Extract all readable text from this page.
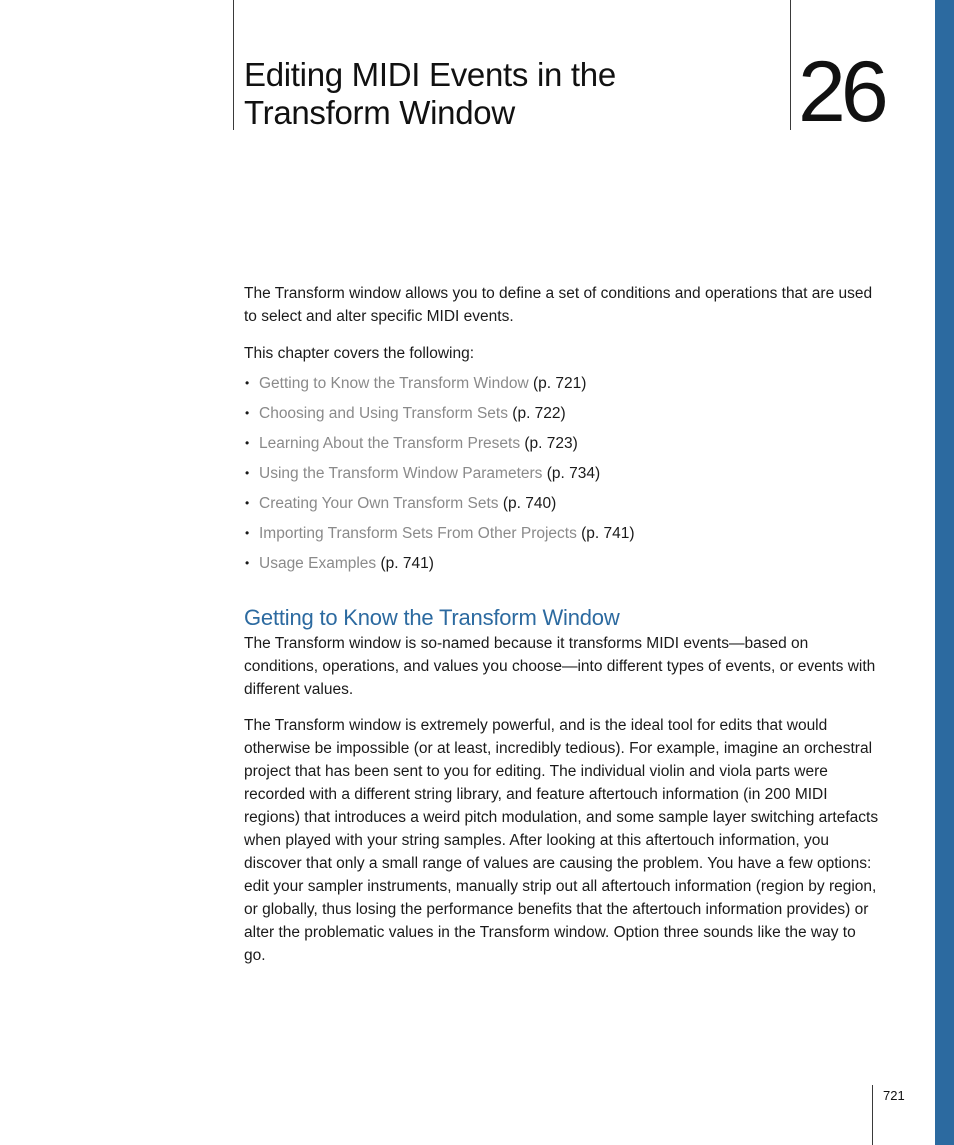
Editing MIDI Events in the
Transform Window	26

The Transform window allows you to define a set of conditions and operations that are used to select and alter specific MIDI events.

This chapter covers the following:

• Getting to Know the Transform Window (p. 721)
• Choosing and Using Transform Sets (p. 722)
• Learning About the Transform Presets (p. 723)
• Using the Transform Window Parameters (p. 734)
• Creating Your Own Transform Sets (p. 740)
• Importing Transform Sets From Other Projects (p. 741)
• Usage Examples (p. 741)
Getting to Know the Transform Window

The Transform window is so-named because it transforms MIDI events—based on conditions, operations, and values you choose—into different types of events, or events with different values.

The Transform window is extremely powerful, and is the ideal tool for edits that would otherwise be impossible (or at least, incredibly tedious). For example, imagine an orchestral project that has been sent to you for editing. The individual violin and viola parts were recorded with a different string library, and feature aftertouch information (in 200 MIDI regions) that introduces a weird pitch modulation, and some sample layer switching artefacts when played with your string samples. After looking at this aftertouch information, you discover that only a small range of values are causing the problem. You have a few options: edit your sampler instruments, manually strip out all aftertouch information (region by region, or globally, thus losing the performance benefits that the aftertouch information provides) or alter the problematic values in the Transform window. Option three sounds like the way to go.

721
